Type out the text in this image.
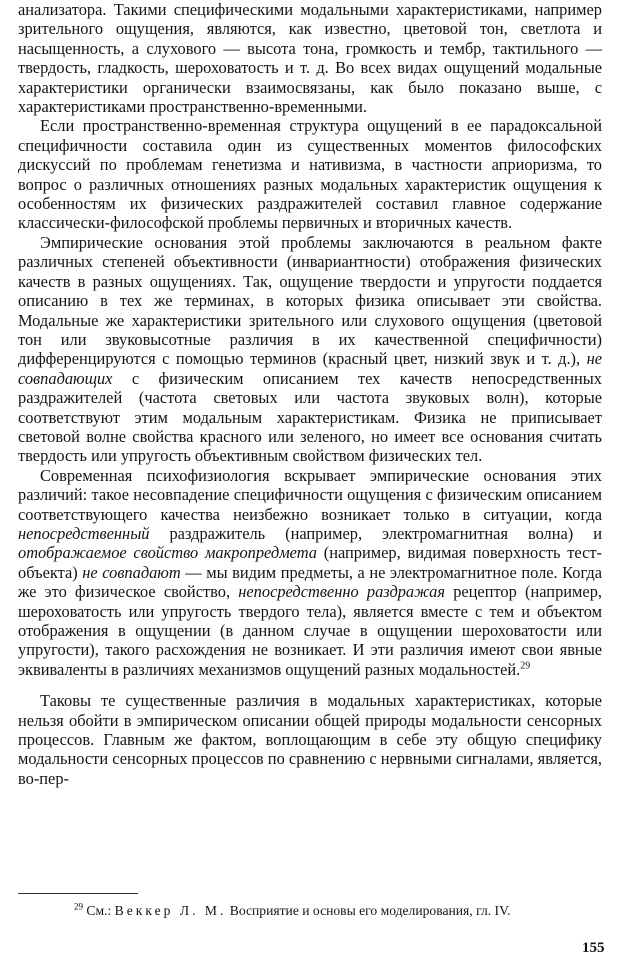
анализатора. Такими специфическими модальными характеристиками, например зрительного ощущения, являются, как известно, цветовой тон, светлота и насыщенность, а слухового — высота тона, громкость и тембр, тактильного — твердость, гладкость, шероховатость и т. д. Во всех видах ощущений модальные характеристики органически взаимосвязаны, как было показано выше, с характеристиками пространственно-временными.

Если пространственно-временная структура ощущений в ее парадоксальной специфичности составила один из существенных моментов философских дискуссий по проблемам генетизма и нативизма, в частности априоризма, то вопрос о различных отношениях разных модальных характеристик ощущения к особенностям их физических раздражителей составил главное содержание классически-философской проблемы первичных и вторичных качеств.

Эмпирические основания этой проблемы заключаются в реальном факте различных степеней объективности (инвариантности) отображения физических качеств в разных ощущениях. Так, ощущение твердости и упругости поддается описанию в тех же терминах, в которых физика описывает эти свойства. Модальные же характеристики зрительного или слухового ощущения (цветовой тон или звуковысотные различия в их качественной специфичности) дифференцируются с помощью терминов (красный цвет, низкий звук и т. д.), не совпадающих с физическим описанием тех качеств непосредственных раздражителей (частота световых или частота звуковых волн), которые соответствуют этим модальным характеристикам. Физика не приписывает световой волне свойства красного или зеленого, но имеет все основания считать твердость или упругость объективным свойством физических тел.

Современная психофизиология вскрывает эмпирические основания этих различий: такое несовпадение специфичности ощущения с физическим описанием соответствующего качества неизбежно возникает только в ситуации, когда непосредственный раздражитель (например, электромагнитная волна) и отображаемое свойство макропредмета (например, видимая поверхность тест-объекта) не совпадают — мы видим предметы, а не электромагнитное поле. Когда же это физическое свойство, непосредственно раздражая рецептор (например, шероховатость или упругость твердого тела), является вместе с тем и объектом отображения в ощущении (в данном случае в ощущении шероховатости или упругости), такого расхождения не возникает. И эти различия имеют свои явные эквиваленты в различиях механизмов ощущений разных модальностей.$^{29}$

Таковы те существенные различия в модальных характеристиках, которые нельзя обойти в эмпирическом описании общей природы модальности сенсорных процессов. Главным же фактом, воплощающим в себе эту общую специфику модальности сенсорных процессов по сравнению с нервными сигналами, является, во-пер-

$^{29}$ См.: Веккер Л. М. Восприятие и основы его моделирования, гл. IV.
155
